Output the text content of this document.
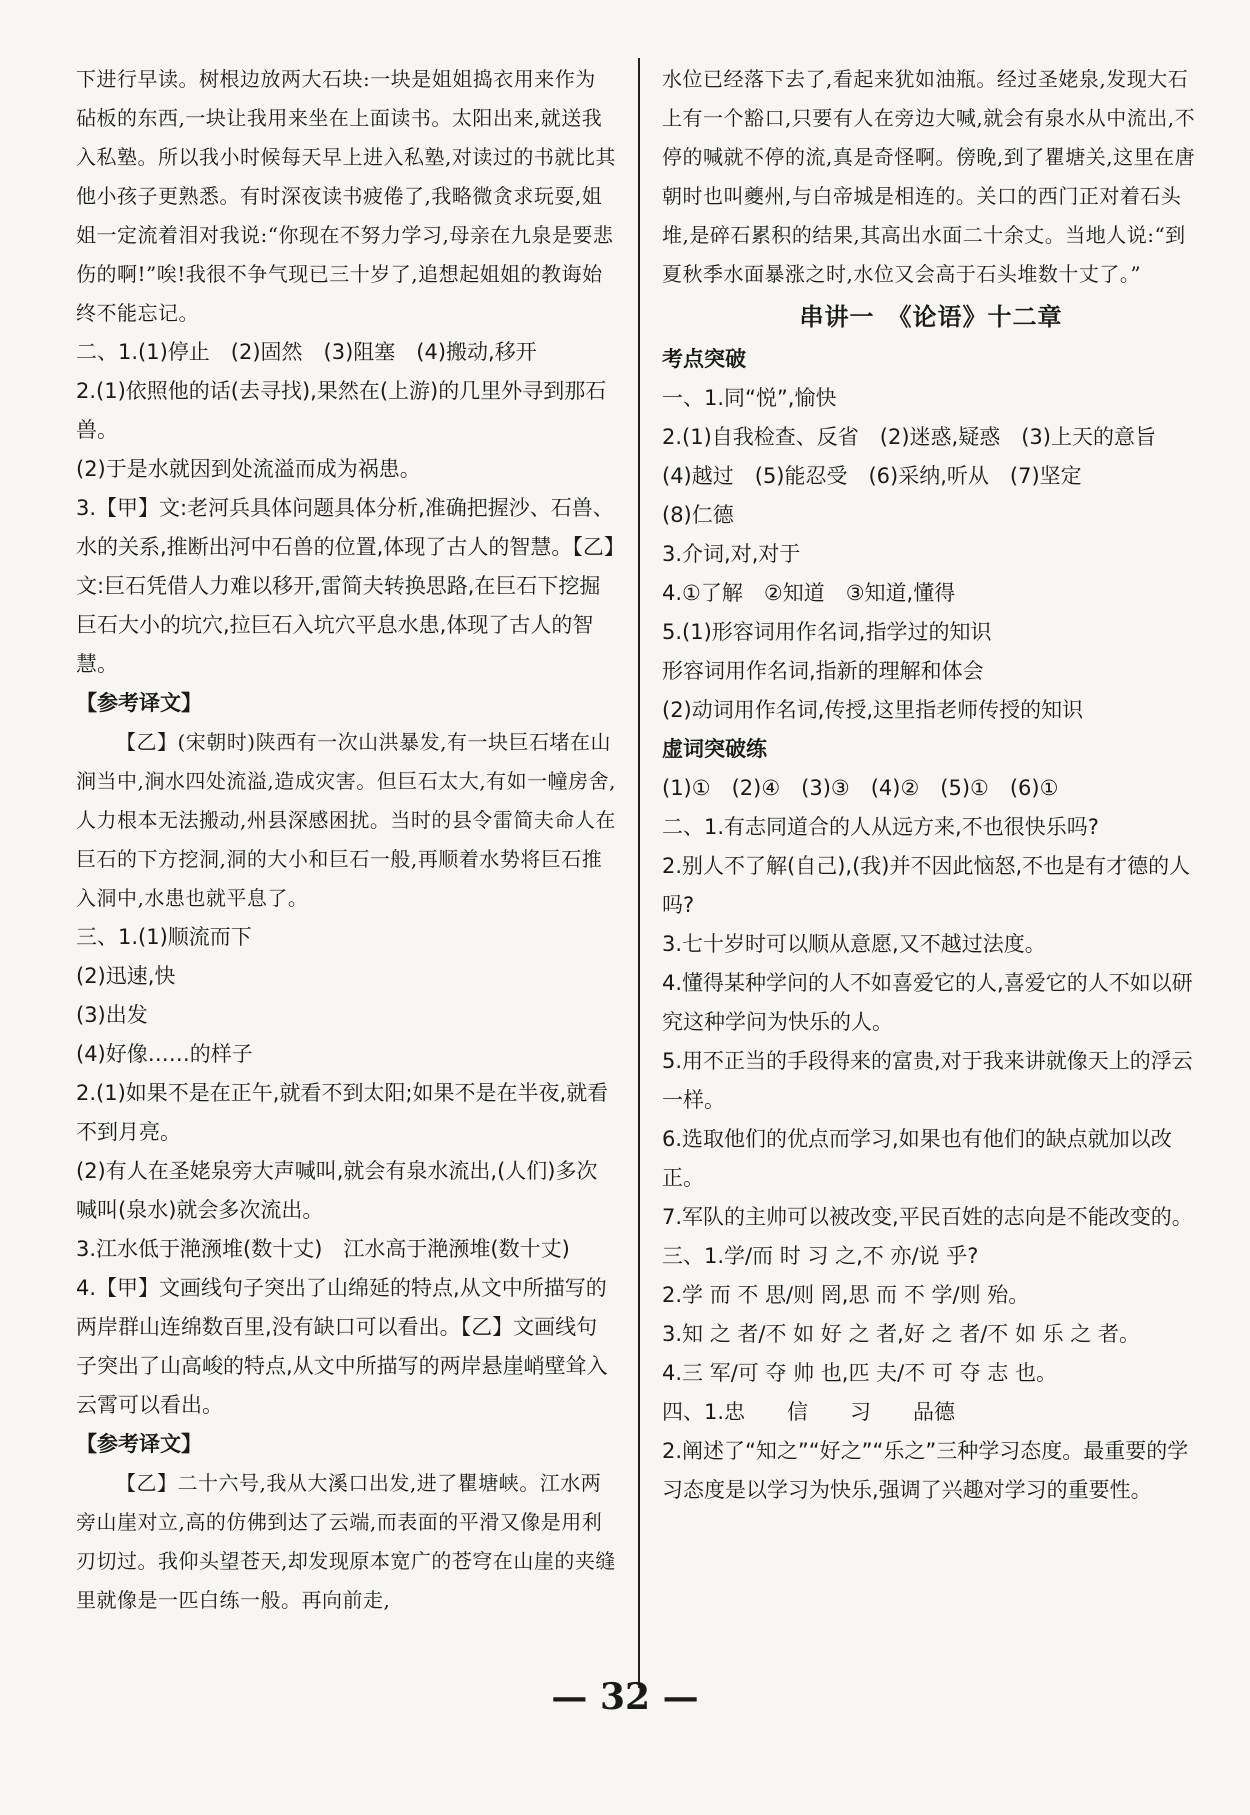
下进行早读。树根边放两大石块:一块是姐姐捣衣用来作为砧板的东西,一块让我用来坐在上面读书。太阳出来,就送我入私塾。所以我小时候每天早上进入私塾,对读过的书就比其他小孩子更熟悉。有时深夜读书疲倦了,我略微贪求玩耍,姐姐一定流着泪对我说:“你现在不努力学习,母亲在九泉是要悲伤的啊!”唉!我很不争气现已三十岁了,追想起姐姐的教诲始终不能忘记。

二、1.(1)停止　(2)固然　(3)阻塞　(4)搬动,移开

2.(1)依照他的话(去寻找),果然在(上游)的几里外寻到那石兽。

(2)于是水就因到处流溢而成为祸患。

3.【甲】文:老河兵具体问题具体分析,准确把握沙、石兽、水的关系,推断出河中石兽的位置,体现了古人的智慧。【乙】文:巨石凭借人力难以移开,雷简夫转换思路,在巨石下挖掘巨石大小的坑穴,拉巨石入坑穴平息水患,体现了古人的智慧。

【参考译文】

【乙】(宋朝时)陕西有一次山洪暴发,有一块巨石堵在山涧当中,涧水四处流溢,造成灾害。但巨石太大,有如一幢房舍,人力根本无法搬动,州县深感困扰。当时的县令雷简夫命人在巨石的下方挖洞,洞的大小和巨石一般,再顺着水势将巨石推入洞中,水患也就平息了。

三、1.(1)顺流而下

(2)迅速,快

(3)出发

(4)好像……的样子

2.(1)如果不是在正午,就看不到太阳;如果不是在半夜,就看不到月亮。

(2)有人在圣姥泉旁大声喊叫,就会有泉水流出,(人们)多次喊叫(泉水)就会多次流出。

3.江水低于滟滪堆(数十丈)　江水高于滟滪堆(数十丈)

4.【甲】文画线句子突出了山绵延的特点,从文中所描写的两岸群山连绵数百里,没有缺口可以看出。【乙】文画线句子突出了山高峻的特点,从文中所描写的两岸悬崖峭壁耸入云霄可以看出。

【参考译文】

【乙】二十六号,我从大溪口出发,进了瞿塘峡。江水两旁山崖对立,高的仿佛到达了云端,而表面的平滑又像是用利刃切过。我仰头望苍天,却发现原本宽广的苍穹在山崖的夹缝里就像是一匹白练一般。再向前走,

水位已经落下去了,看起来犹如油瓶。经过圣姥泉,发现大石上有一个豁口,只要有人在旁边大喊,就会有泉水从中流出,不停的喊就不停的流,真是奇怪啊。傍晚,到了瞿塘关,这里在唐朝时也叫夔州,与白帝城是相连的。关口的西门正对着石头堆,是碎石累积的结果,其高出水面二十余丈。当地人说:“到夏秋季水面暴涨之时,水位又会高于石头堆数十丈了。”

串讲一　《论语》十二章

考点突破

一、1.同“悦”,愉快

2.(1)自我检查、反省　(2)迷惑,疑惑　(3)上天的意旨

(4)越过　(5)能忍受　(6)采纳,听从　(7)坚定

(8)仁德

3.介词,对,对于

4.①了解　②知道　③知道,懂得

5.(1)形容词用作名词,指学过的知识

形容词用作名词,指新的理解和体会

(2)动词用作名词,传授,这里指老师传授的知识

虚词突破练

(1)①　(2)④　(3)③　(4)②　(5)①　(6)①

二、1.有志同道合的人从远方来,不也很快乐吗?

2.别人不了解(自己),(我)并不因此恼怒,不也是有才德的人吗?

3.七十岁时可以顺从意愿,又不越过法度。

4.懂得某种学问的人不如喜爱它的人,喜爱它的人不如以研究这种学问为快乐的人。

5.用不正当的手段得来的富贵,对于我来讲就像天上的浮云一样。

6.选取他们的优点而学习,如果也有他们的缺点就加以改正。

7.军队的主帅可以被改变,平民百姓的志向是不能改变的。

三、1.学/而 时 习 之,不 亦/说 乎?

2.学 而 不 思/则 罔,思 而 不 学/则 殆。

3.知 之 者/不 如 好 之 者,好 之 者/不 如 乐 之 者。

4.三 军/可 夺 帅 也,匹 夫/不 可 夺 志 也。

四、1.忠　　信　　习　　品德

2.阐述了“知之”“好之”“乐之”三种学习态度。最重要的学习态度是以学习为快乐,强调了兴趣对学习的重要性。

— 32 —
